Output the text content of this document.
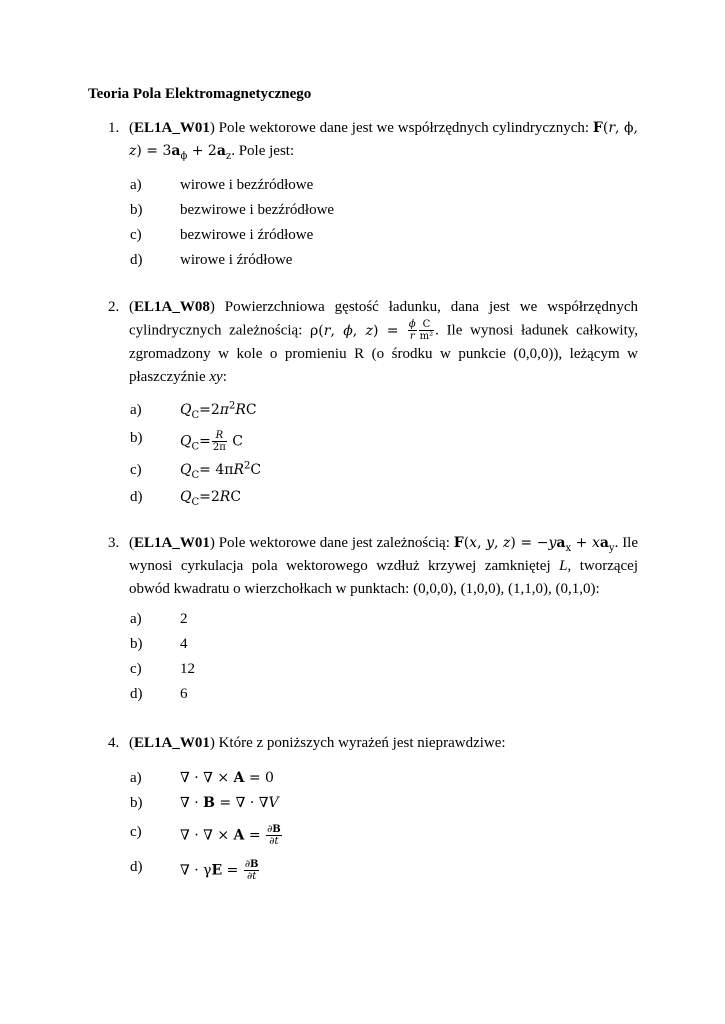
Teoria Pola Elektromagnetycznego
1. (EL1A_W01) Pole wektorowe dane jest we współrzędnych cylindrycznych: F(r, ϕ, $z) = 3a_\phi + 2a_z$. Pole jest:
a)	wirowe i bezźródłowe
b)	bezwirowe i bezźródłowe
c)	bezwirowe i źródłowe
d)	wirowe i źródłowe
2. (EL1A_W08) Powierzchniowa gęstość ładunku, dana jest we współrzędnych cylindrycznych zależnością: ρ(r, ϕ, $z) = \frac{\phi}{r} \frac{C}{\text{m²}}$ . Ile wynosi ładunek całkowity, zgromadzony w kole o promieniu R (o środku w punkcie (0,0,0)), leżącym w płaszczyźnie xy:
a)	$Q_C=2\pi^2RC$
b)	$Q_C= \frac{R}{2\pi}$ C
c)	$Q_C= 4\pi R^2C$
d)	$Q_C=2RC$
3. (EL1A_W01) Pole wektorowe dane jest zależnością: F(x, y, $z) = -ya_x + xa_y$. Ile wynosi cyrkulacja pola wektorowego wzdłuż krzywej zamkniętej L, tworzącej obwód kwadratu o wierzchołkach w punktach: (0,0,0), (1,0,0), (1,1,0), (0,1,0):
a)	2
b)	4
c)	12
d)	6
4. (EL1A_W01) Które z poniższych wyrażeń jest nieprawdziwe:
a)	∇ · ∇ × A = 0
b)	∇ · B = ∇ · ∇V
c)	∇ · ∇ × $A = \frac{\partial B}{\partial t}$
d)	∇ · $\gamma E = \frac{\partial B}{\partial t}$
